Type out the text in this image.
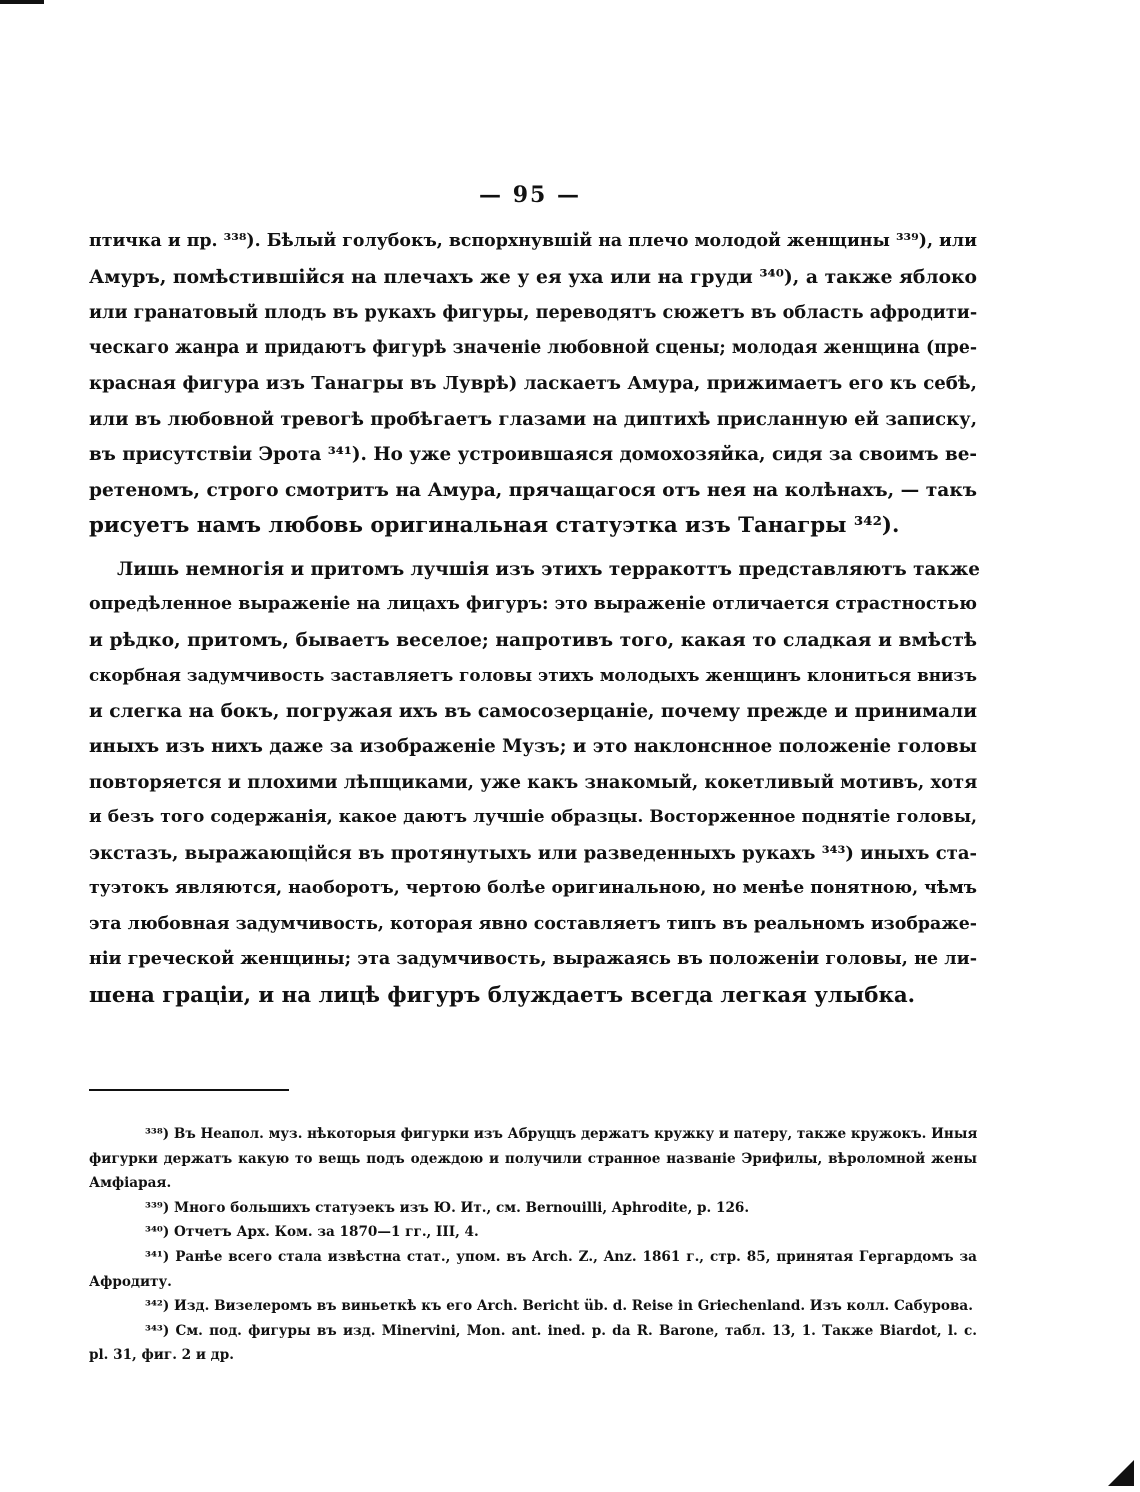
— 95 —
птичка и пр. ³³⁸). Бѣлый голубокъ, вспорхнувшій на плечо молодой женщины ³³⁹), или
Амуръ, помѣстившійся на плечахъ же у ея уха или на груди ³⁴⁰), а также яблоко
или гранатовый плодъ въ рукахъ фигуры, переводятъ сюжетъ въ область афродити-
ческаго жанра и придаютъ фигурѣ значеніе любовной сцены; молодая женщина (пре-
красная фигура изъ Танагры въ Луврѣ) ласкаетъ Амура, прижимаетъ его къ себѣ,
или въ любовной тревогѣ пробѣгаетъ глазами на диптихѣ присланную ей записку,
въ присутствіи Эрота ³⁴¹). Но уже устроившаяся домохозяйка, сидя за своимъ ве-
ретеномъ, строго смотритъ на Амура, прячащагося отъ нея на колѣнахъ, — такъ
рисуетъ намъ любовь оригинальная статуэтка изъ Танагры ³⁴²).
Лишь немногія и притомъ лучшія изъ этихъ терракоттъ представляютъ также
опредѣленное выраженіе на лицахъ фигуръ: это выраженіе отличается страстностью
и рѣдко, притомъ, бываетъ веселое; напротивъ того, какая то сладкая и вмѣстѣ
скорбная задумчивость заставляетъ головы этихъ молодыхъ женщинъ клониться внизъ
и слегка на бокъ, погружая ихъ въ самосозерцаніе, почему прежде и принимали
иныхъ изъ нихъ даже за изображеніе Музъ; и это наклонсннoe положеніе головы
повторяется и плохими лѣпщиками, уже какъ знакомый, кокетливый мотивъ, хотя
и безъ того содержанія, какое даютъ лучшіе образцы. Восторженное поднятіе головы,
экстазъ, выражающійся въ протянутыхъ или разведенныхъ рукахъ ³⁴³) иныхъ ста-
туэтокъ являются, наоборотъ, чертою болѣе оригинальною, но менѣе понятною, чѣмъ
эта любовная задумчивость, которая явно составляетъ типъ въ реальномъ изображе-
ніи греческой женщины; эта задумчивость, выражаясь въ положеніи головы, не ли-
шена граціи, и на лицѣ фигуръ блуждаетъ всегда легкая улыбка.
³³⁸) Въ Неапол. муз. нѣкоторыя фигурки изъ Абруццъ держатъ кружку и патеру, также кружокъ. Иныя
фигурки держатъ какую то вещь подъ одеждою и получили странное названіе Эрифилы, вѣроломной жены
Амфіарая.
³³⁹) Много большихъ статуэекъ изъ Ю. Ит., см. Bernouilli, Aphrodite, p. 126.
³⁴⁰) Отчетъ Арх. Ком. за 1870—1 гг., III, 4.
³⁴¹) Ранѣе всего стала извѣстна стат., упом. въ Arch. Z., Anz. 1861 г., стр. 85, принятая Гергардомъ за
Афродиту.
³⁴²) Изд. Визелеромъ въ виньеткѣ къ его Arch. Bericht üb. d. Reise in Griechenland. Изъ колл. Сабурова.
³⁴³) См. под. фигуры въ изд. Minervini, Mon. ant. ined. p. da R. Barone, табл. 13, 1. Также Biardot, l. c.
pl. 31, фиг. 2 и др.
